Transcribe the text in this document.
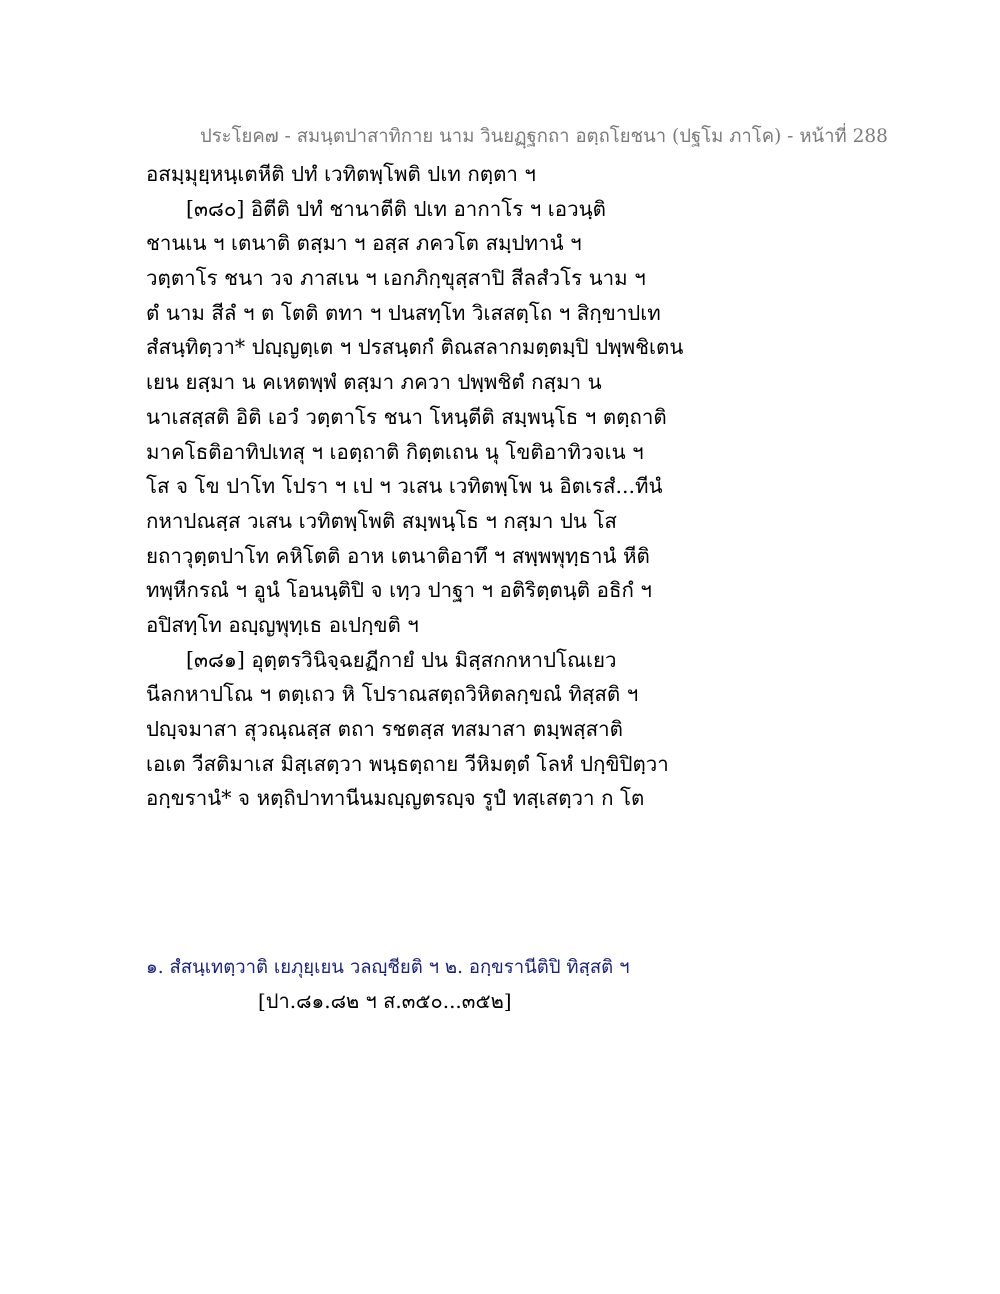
ประโยค๗ - สมนฺตปาสาทิกาย นาม วินยฏฺฐกถา อตฺถโยชนา (ปฐโม ภาโค) - หน้าที่ 288
อสมฺมุยฺหนฺเตหีติ ปทํ เวทิตพฺโพติ ปเท กตฺตา ฯ
[๓๘๐] อิตีติ ปทํ ชานาตีติ ปเท อากาโร ฯ เอวนฺติ
ชานเน ฯ เตนาติ ตสฺมา ฯ อสฺส ภควโต สมฺปทานํ ฯ
วตฺตาโร ชนา วจ ภาสเน ฯ เอกภิกฺขุสฺสาปิ สีลสํวโร นาม ฯ
ตํ นาม สีลํ ฯ ต โตติ ตทา ฯ ปนสทฺโท วิเสสตฺโถ ฯ สิกฺขาปเท
สํสนฺทิตฺวา* ปญฺญตฺเต ฯ ปรสนฺตกํ ติณสลากมตฺตมฺปิ ปพฺพชิเตน
เยน ยสฺมา น คเหตพฺพํ ตสฺมา ภควา ปพฺพชิตํ กสฺมา น
นาเสสฺสติ อิติ เอวํ วตฺตาโร ชนา โหนฺตีติ สมฺพนฺโธ ฯ ตตฺถาติ
มาคโธติอาทิปเทสุ ฯ เอตฺถาติ กิตฺตเถน นุ โขติอาทิวจเน ฯ
โส จ โข ปาโท โปรา ฯ เป ฯ วเสน เวทิตพฺโพ น อิตเรสํ...ทีนํ
กหาปณสฺส วเสน เวทิตพฺโพติ สมฺพนฺโธ ฯ กสฺมา ปน โส
ยถาวุตฺตปาโท คหิโตติ อาห เตนาติอาทึ ฯ สพฺพพุทฺธานํ หีติ
ทพฺหีกรณํ ฯ อูนํ โอนนฺติปิ จ เทฺว ปาฐา ฯ อติริตฺตนฺติ อธิกํ ฯ
อปิสทฺโท อญฺญพุทฺเธ อเปกฺขติ ฯ
[๓๘๑] อุตฺตรวินิจฺฉยฏีกายํ ปน มิสฺสกกหาปโณเยว
นีลกหาปโณ ฯ ตตฺเถว หิ โปราณสตฺถวิหิตลกฺขณํ ทิสฺสติ ฯ
ปญฺจมาสา สุวณฺณสฺส ตถา รชตสฺส ทสมาสา ตมฺพสฺสาติ
เอเต วีสติมาเส มิสฺเสตฺวา พนฺธตฺถาย วีหิมตฺตํ โลหํ ปกฺขิปิตฺวา
อกฺขรานํ* จ หตฺถิปาทานีนมญฺญตรญฺจ รูปํ ทสฺเสตฺวา ก โต
๑. สํสนฺเทตฺวาติ เยภุยฺเยน วลญฺชียติ ฯ ๒. อกฺขรานีติปิ ทิสฺสติ ฯ
[ปา.๘๑.๘๒ ฯ ส.๓๕๐...๓๕๒]
